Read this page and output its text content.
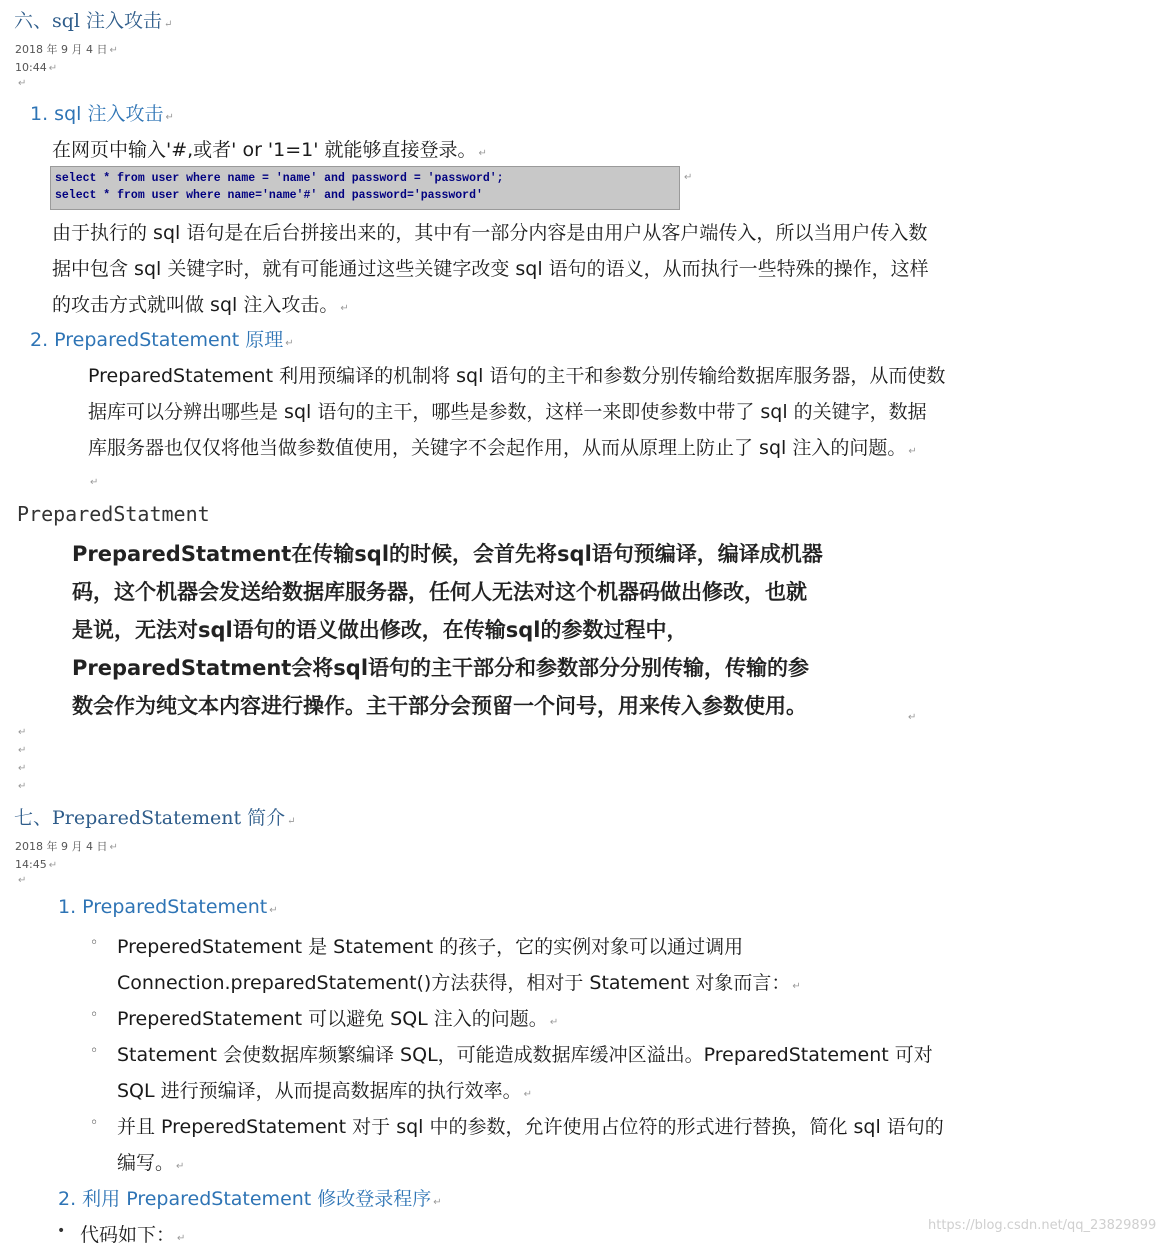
六、sql 注入攻击 ↵
2018 年 9 月 4 日 ↵
10:44 ↵
↵
1. sql 注入攻击 ↵
在网页中输入'#,或者' or '1=1' 就能够直接登录。 ↵
select * from user where name = 'name' and password = 'password';
select * from user where name='name'#' and password='password'
↵
由于执行的 sql 语句是在后台拼接出来的，其中有一部分内容是由用户从客户端传入，所以当用户传入数
据中包含 sql 关键字时，就有可能通过这些关键字改变 sql 语句的语义，从而执行一些特殊的操作，这样
的攻击方式就叫做 sql 注入攻击。 ↵
2. PreparedStatement 原理 ↵
PreparedStatement 利用预编译的机制将 sql 语句的主干和参数分别传输给数据库服务器，从而使数
据库可以分辨出哪些是 sql 语句的主干，哪些是参数，这样一来即使参数中带了 sql 的关键字，数据
库服务器也仅仅将他当做参数值使用，关键字不会起作用，从而从原理上防止了 sql 注入的问题。 ↵
↵
PreparedStatment
PreparedStatment在传输sql的时候，会首先将sql语句预编译，编译成机器
码，这个机器会发送给数据库服务器，任何人无法对这个机器码做出修改，也就
是说，无法对sql语句的语义做出修改，在传输sql的参数过程中，
PreparedStatment会将sql语句的主干部分和参数部分分别传输，传输的参
数会作为纯文本内容进行操作。主干部分会预留一个问号，用来传入参数使用。	↵
↵
↵
↵
↵
七、PreparedStatement 简介 ↵
2018 年 9 月 4 日 ↵
14:45 ↵
↵
1. PreparedStatement ↵
◦ PreperedStatement 是 Statement 的孩子，它的实例对象可以通过调用
Connection.preparedStatement()方法获得，相对于 Statement 对象而言： ↵
◦ PreperedStatement 可以避免 SQL 注入的问题。 ↵
◦ Statement 会使数据库频繁编译 SQL，可能造成数据库缓冲区溢出。PreparedStatement 可对
SQL 进行预编译，从而提高数据库的执行效率。 ↵
◦ 并且 PreperedStatement 对于 sql 中的参数，允许使用占位符的形式进行替换，简化 sql 语句的
编写。 ↵
2. 利用 PreparedStatement 修改登录程序 ↵
• 代码如下： ↵
https://blog.csdn.net/qq_23829899
